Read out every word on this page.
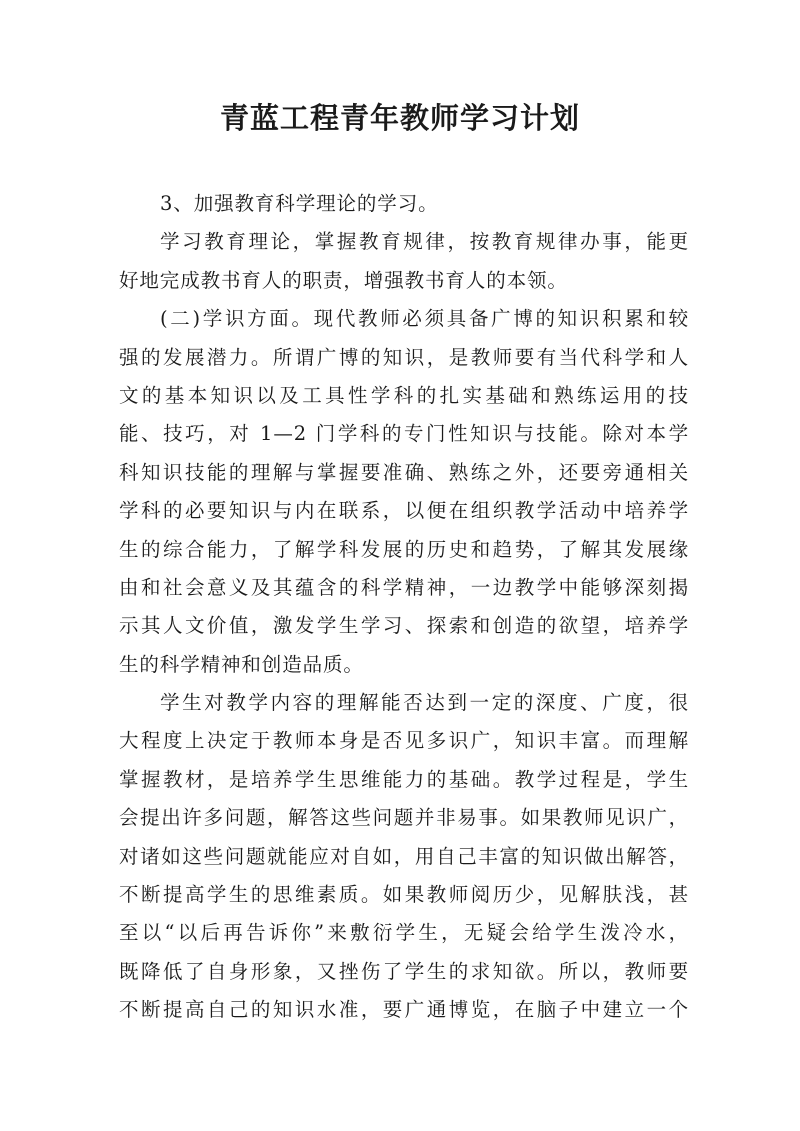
青蓝工程青年教师学习计划
3、加强教育科学理论的学习。
学习教育理论，掌握教育规律，按教育规律办事，能更
好地完成教书育人的职责，增强教书育人的本领。
(二)学识方面。现代教师必须具备广博的知识积累和较
强的发展潜力。所谓广博的知识，是教师要有当代科学和人
文的基本知识以及工具性学科的扎实基础和熟练运用的技
能、技巧，对 1—2 门学科的专门性知识与技能。除对本学
科知识技能的理解与掌握要准确、熟练之外，还要旁通相关
学科的必要知识与内在联系，以便在组织教学活动中培养学
生的综合能力，了解学科发展的历史和趋势，了解其发展缘
由和社会意义及其蕴含的科学精神，一边教学中能够深刻揭
示其人文价值，激发学生学习、探索和创造的欲望，培养学
生的科学精神和创造品质。
学生对教学内容的理解能否达到一定的深度、广度，很
大程度上决定于教师本身是否见多识广，知识丰富。而理解
掌握教材，是培养学生思维能力的基础。教学过程是，学生
会提出许多问题，解答这些问题并非易事。如果教师见识广，
对诸如这些问题就能应对自如，用自己丰富的知识做出解答，
不断提高学生的思维素质。如果教师阅历少，见解肤浅，甚
至以“以后再告诉你”来敷衍学生，无疑会给学生泼冷水，
既降低了自身形象，又挫伤了学生的求知欲。所以，教师要
不断提高自己的知识水准，要广通博览，在脑子中建立一个
